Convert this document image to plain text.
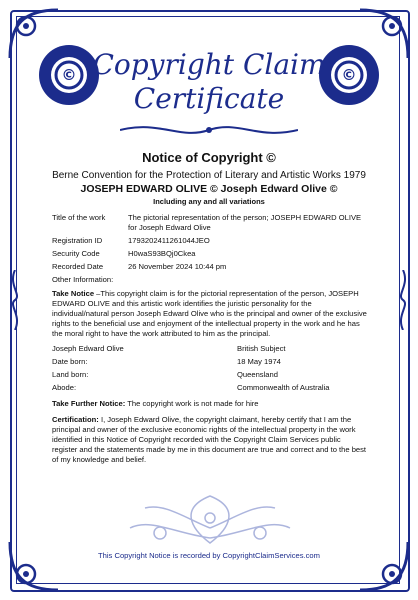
©	©
Copyright Claim
Certificate
Notice of Copyright ©
Berne Convention for the Protection of Literary and Artistic Works 1979
JOSEPH EDWARD OLIVE © Joseph Edward Olive ©
Including any and all variations
Title of the work	The pictorial representation of the person; JOSEPH EDWARD OLIVE for Joseph Edward Olive
Registration ID	1793202411261044JEO
Security Code	H0waS93BQj0Ckea
Recorded Date	26 November 2024 10:44 pm
Other Information:

Take Notice –This copyright claim is for the pictorial representation of the person, JOSEPH EDWARD OLIVE and this artistic work identifies the juristic personality for the individual/natural person Joseph Edward Olive who is the principal and owner of the exclusive rights to the beneficial use and enjoyment of the intellectual property in the work and he has the moral right to have the work attributed to him as the principal.

Joseph Edward Olive	British Subject
Date born:	18 May 1974
Land born:	Queensland
Abode:	Commonwealth of Australia

Take Further Notice: The copyright work is not made for hire

Certification: I, Joseph Edward Olive, the copyright claimant, hereby certify that I am the principal and owner of the exclusive economic rights of the intellectual property in the work identified in this Notice of Copyright recorded with the Copyright Claim Services public register and the statements made by me in this document are true and correct and to the best of my knowledge and belief.

This Copyright Notice is recorded by CopyrightClaimServices.com
